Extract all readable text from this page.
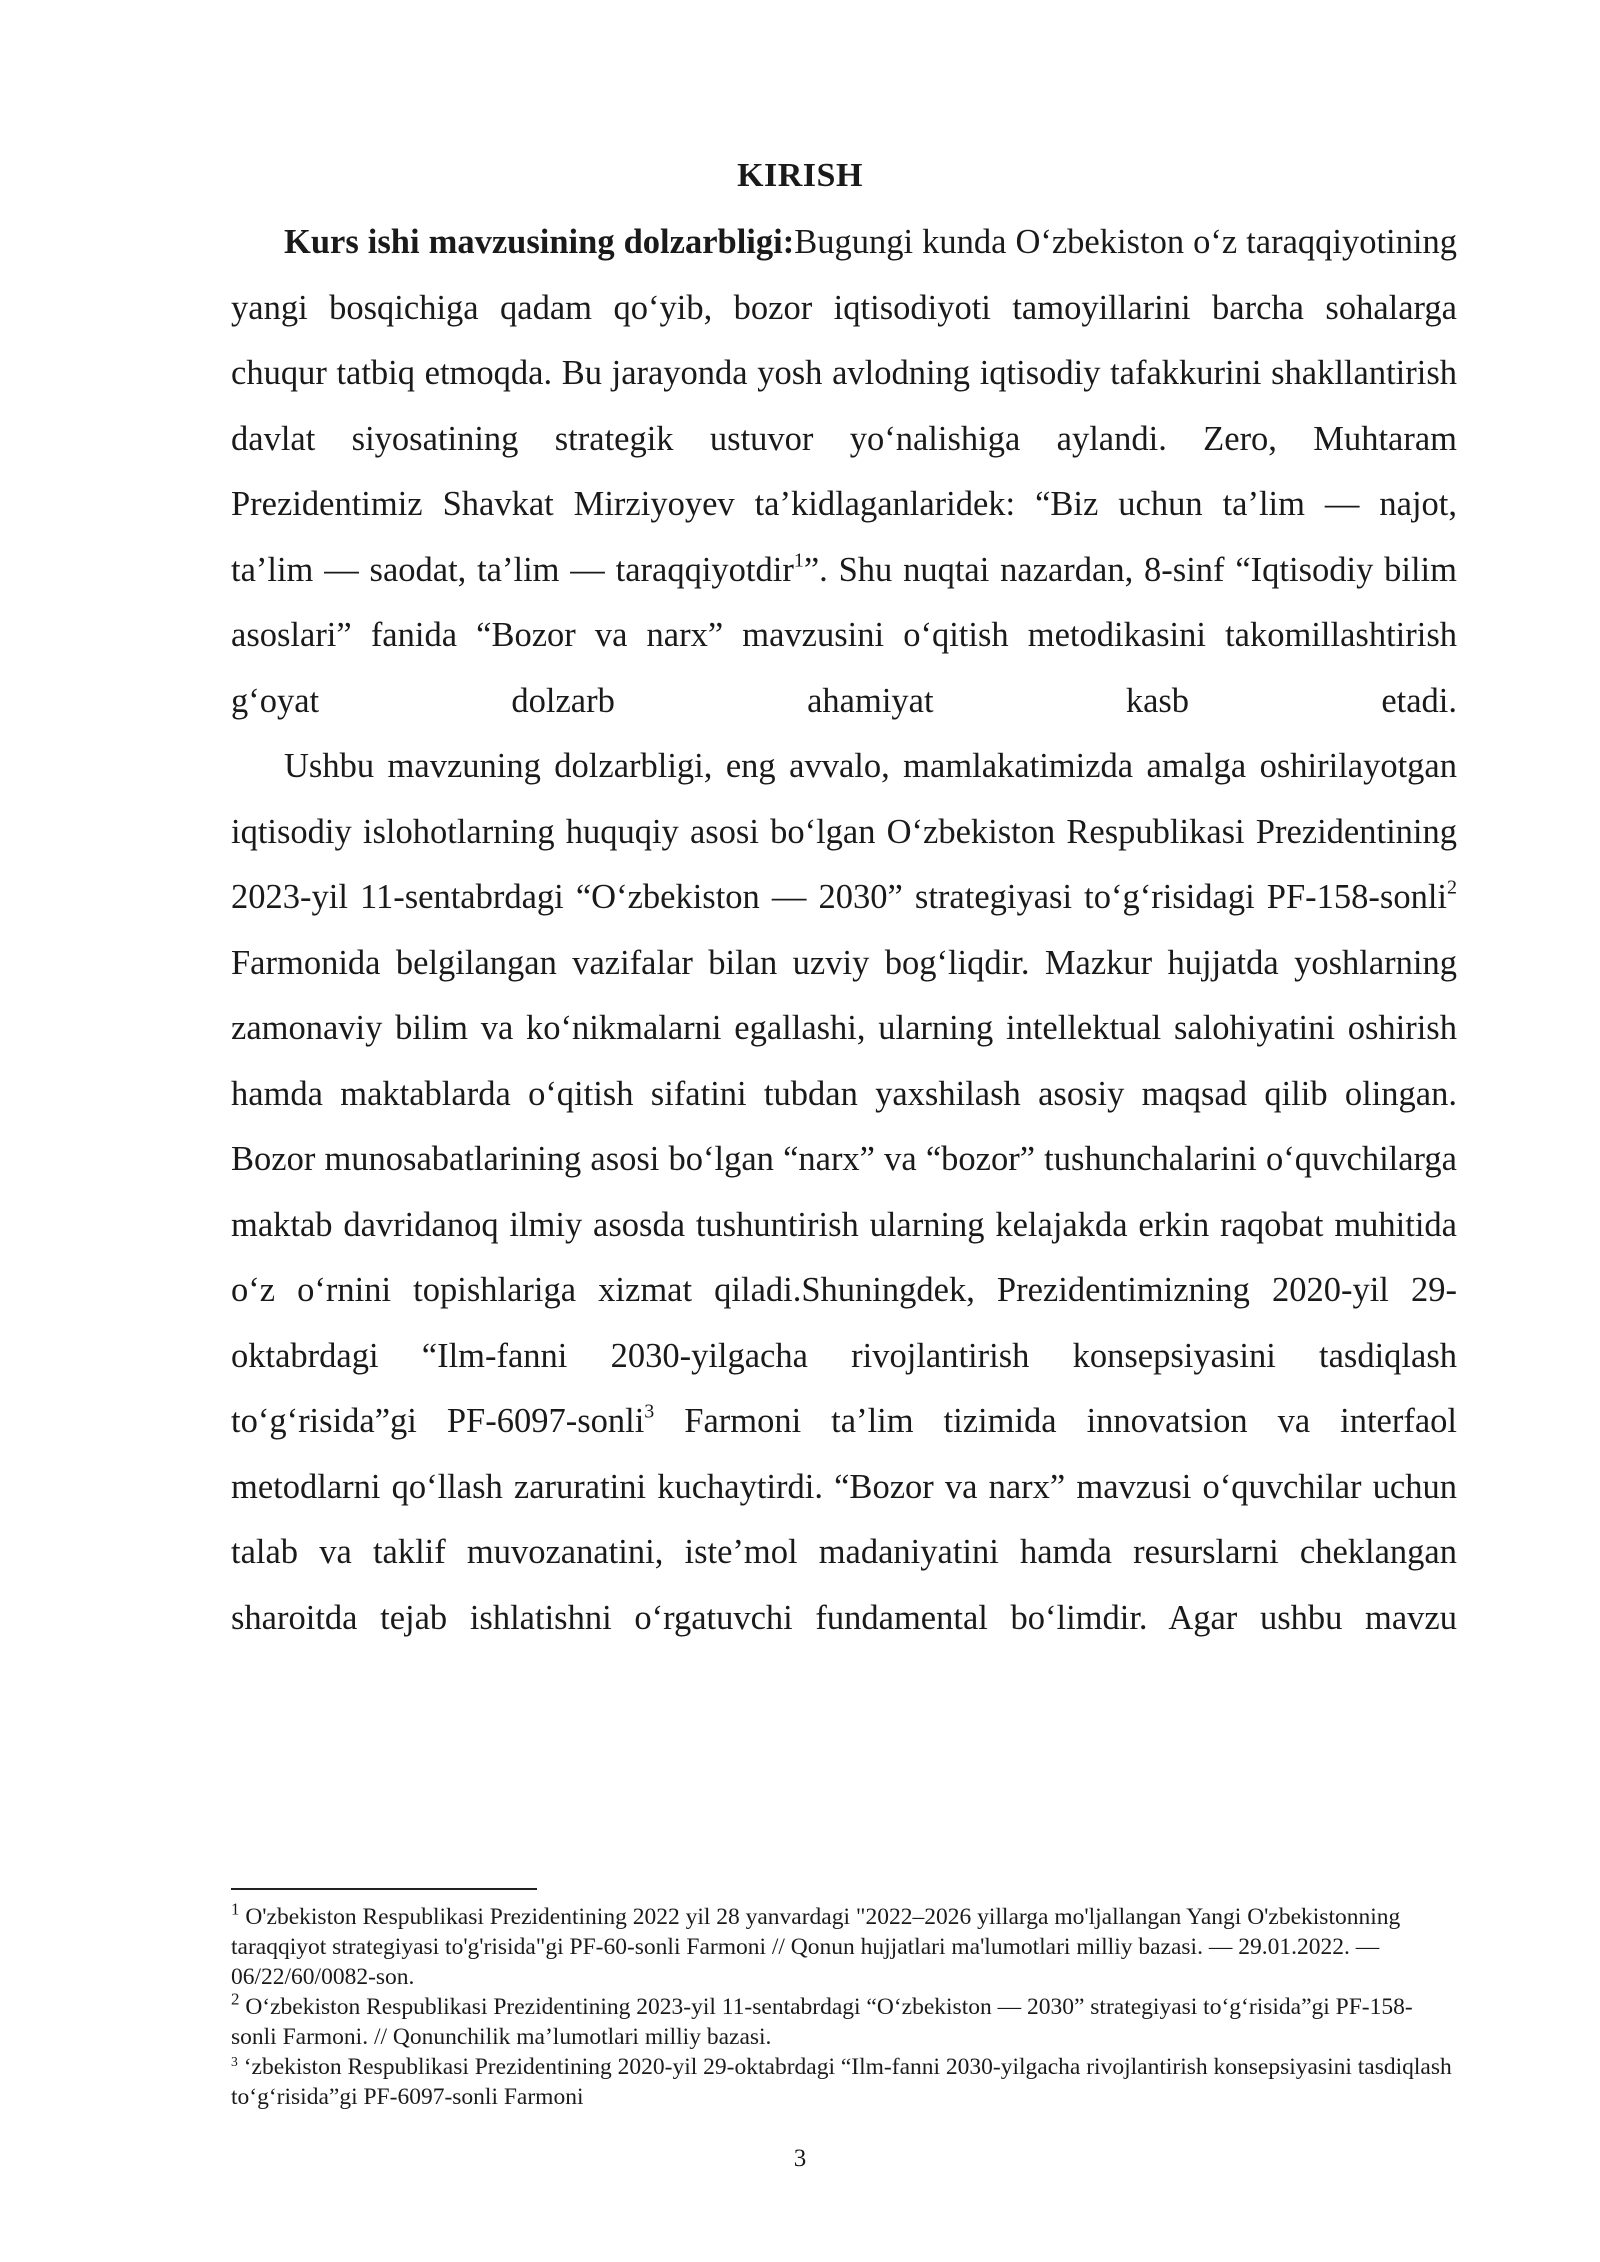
KIRISH

Kurs ishi mavzusining dolzarbligi:Bugungi kunda O‘zbekiston o‘z taraqqiyotining yangi bosqichiga qadam qo‘yib, bozor iqtisodiyoti tamoyillarini barcha sohalarga chuqur tatbiq etmoqda. Bu jarayonda yosh avlodning iqtisodiy tafakkurini shakllantirish davlat siyosatining strategik ustuvor yo‘nalishiga aylandi. Zero, Muhtaram Prezidentimiz Shavkat Mirziyoyev ta’kidlaganlaridek: “Biz uchun ta’lim — najot, ta’lim — saodat, ta’lim — taraqqiyotdir$^1$”. Shu nuqtai nazardan, 8-sinf “Iqtisodiy bilim asoslari” fanida “Bozor va narx” mavzusini o‘qitish metodikasini takomillashtirish g‘oyat dolzarb ahamiyat kasb etadi.

Ushbu mavzuning dolzarbligi, eng avvalo, mamlakatimizda amalga oshirilayotgan iqtisodiy islohotlarning huquqiy asosi bo‘lgan O‘zbekiston Respublikasi Prezidentining 2023-yil 11-sentabrdagi “O‘zbekiston — 2030” strategiyasi to‘g‘risidagi PF-158-sonli$^2$ Farmonida belgilangan vazifalar bilan uzviy bog‘liqdir. Mazkur hujjatda yoshlarning zamonaviy bilim va ko‘nikmalarni egallashi, ularning intellektual salohiyatini oshirish hamda maktablarda o‘qitish sifatini tubdan yaxshilash asosiy maqsad qilib olingan. Bozor munosabatlarining asosi bo‘lgan “narx” va “bozor” tushunchalarini o‘quvchilarga maktab davridanoq ilmiy asosda tushuntirish ularning kelajakda erkin raqobat muhitida o‘z o‘rnini topishlariga xizmat qiladi.Shuningdek, Prezidentimizning 2020-yil 29-oktabrdagi “Ilm-fanni 2030-yilgacha rivojlantirish konsepsiyasini tasdiqlash to‘g‘risida”gi PF-6097-sonli$^3$ Farmoni ta’lim tizimida innovatsion va interfaol metodlarni qo‘llash zaruratini kuchaytirdi. “Bozor va narx” mavzusi o‘quvchilar uchun talab va taklif muvozanatini, iste’mol madaniyatini hamda resurslarni cheklangan sharoitda tejab ishlatishni o‘rgatuvchi fundamental bo‘limdir. Agar ushbu mavzu

$^1$ O'zbekiston Respublikasi Prezidentining 2022 yil 28 yanvardagi "2022–2026 yillarga mo'ljallangan Yangi O'zbekistonning taraqqiyot strategiyasi to'g'risida"gi PF-60-sonli Farmoni // Qonun hujjatlari ma'lumotlari milliy bazasi. — 29.01.2022. — 06/22/60/0082-son.

$^2$ O‘zbekiston Respublikasi Prezidentining 2023-yil 11-sentabrdagi “O‘zbekiston — 2030” strategiyasi to‘g‘risida”gi PF-158-sonli Farmoni. // Qonunchilik ma’lumotlari milliy bazasi.

$^3$ ‘zbekiston Respublikasi Prezidentining 2020-yil 29-oktabrdagi “Ilm-fanni 2030-yilgacha rivojlantirish konsepsiyasini tasdiqlash to‘g‘risida”gi PF-6097-sonli Farmoni

3
